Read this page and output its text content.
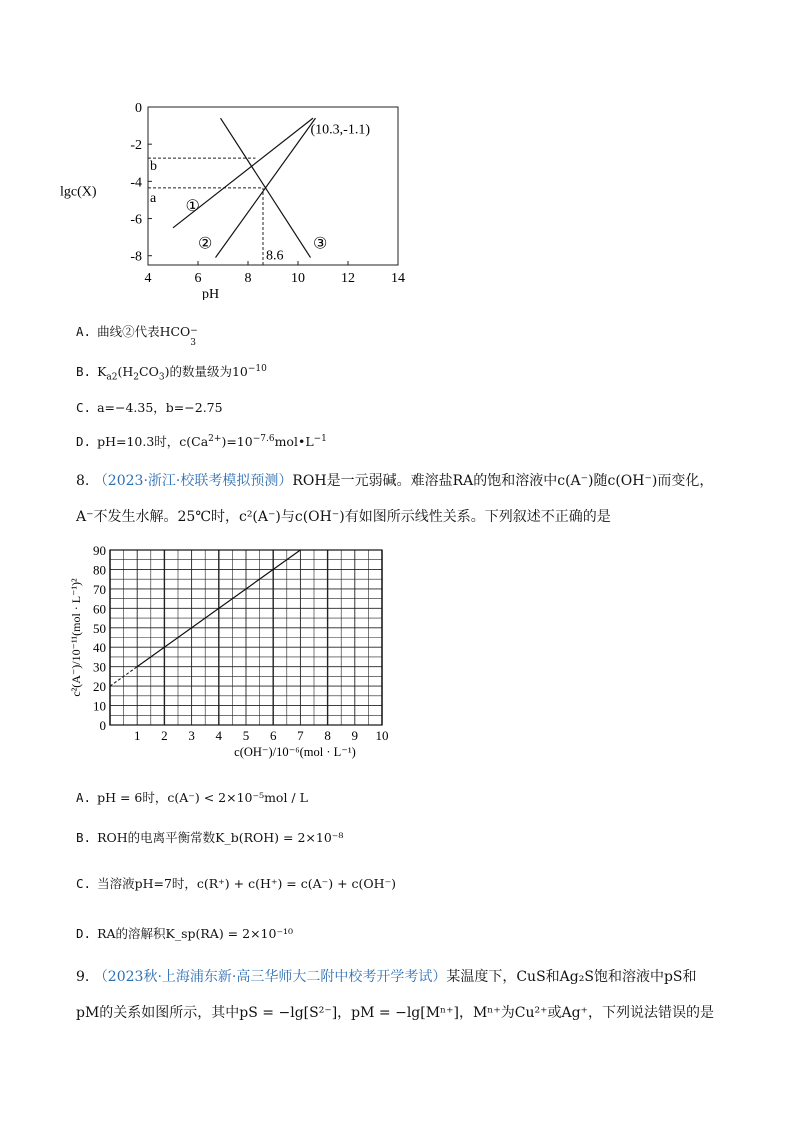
4	6	8	10	12	14
0
-2
-4
-6
-8
a
b
8.6
①
②	③
(10.3,-1.1)
pH
lgc(X)
A. 曲线②代表HCO −
3
B. $K_{a2}(H_2CO_3)$的数量级为$10^{-10}$
C. a=−4.35，b=−2.75
D. pH=10.3时，$c(Ca^{2+})=10^{-7.6}mol•L^{-1}$
8. （2023·浙江·校联考模拟预测）ROH是一元弱碱。难溶盐RA的饱和溶液中c(A⁻)随c(OH⁻)而变化，
A⁻不发生水解。25℃时，c²(A⁻)与c(OH⁻)有如图所示线性关系。下列叙述不正确的是
1 2 3 4 5 6 7 8 9 10
0
10
20
30
40
50
60
70
80
90
c(OH⁻)/10⁻⁶(mol · L⁻¹)
c²(A⁻)/10⁻¹¹(mol · L⁻¹)²
A. pH = 6时，c(A⁻) < 2×10⁻⁵mol / L
B. ROH的电离平衡常数K_b(ROH) = 2×10⁻⁸
C. 当溶液pH=7时，c(R⁺) + c(H⁺) = c(A⁻) + c(OH⁻)
D. RA的溶解积K_sp(RA) = 2×10⁻¹⁰
9. （2023秋·上海浦东新·高三华师大二附中校考开学考试）某温度下，CuS和Ag₂S饱和溶液中pS和
pM的关系如图所示，其中pS = −lg[S²⁻]，pM = −lg[Mⁿ⁺]，Mⁿ⁺为Cu²⁺或Ag⁺，下列说法错误的是
